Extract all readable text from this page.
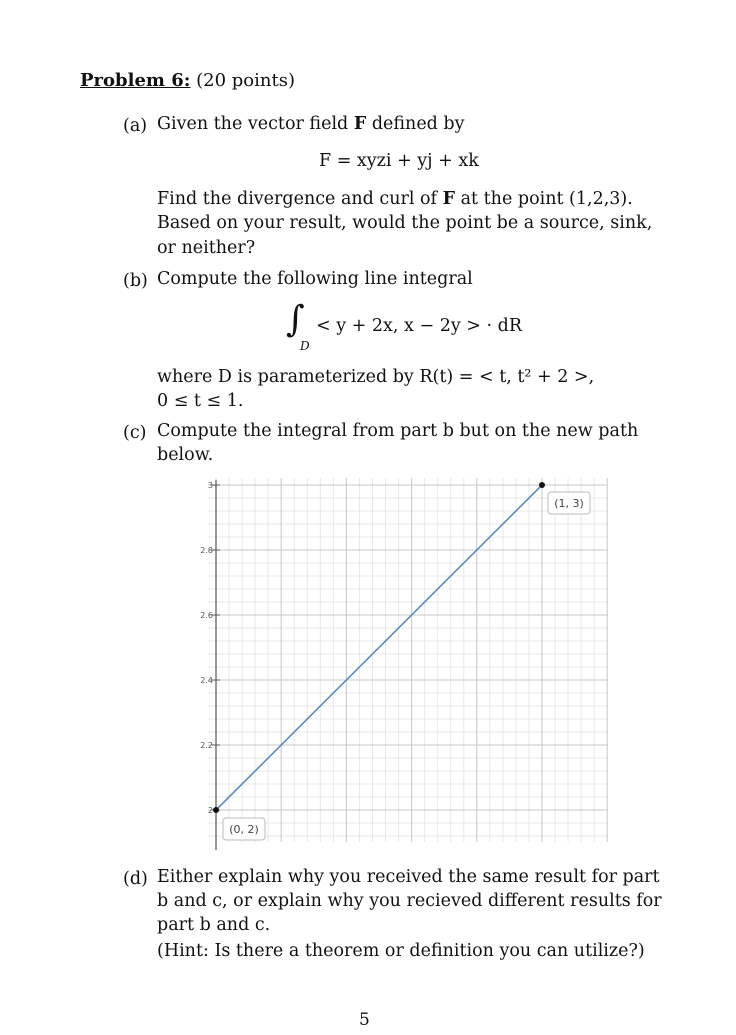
Problem 6: (20 points)
(a) Given the vector field F defined by
F = xyzi + yj + xk
Find the divergence and curl of F at the point (1,2,3).
Based on your result, would the point be a source, sink,
or neither?
(b) Compute the following line integral
∫
D
< y + 2x, x − 2y > · dR
where D is parameterized by R(t) = < t, t² + 2 >,
0 ≤ t ≤ 1.
(c) Compute the integral from part b but on the new path
below.
3
2.8
2.6
2.4
2.2
2
(0, 2)
(1, 3)
(d) Either explain why you received the same result for part
b and c, or explain why you recieved different results for
part b and c.
(Hint: Is there a theorem or definition you can utilize?)
5
